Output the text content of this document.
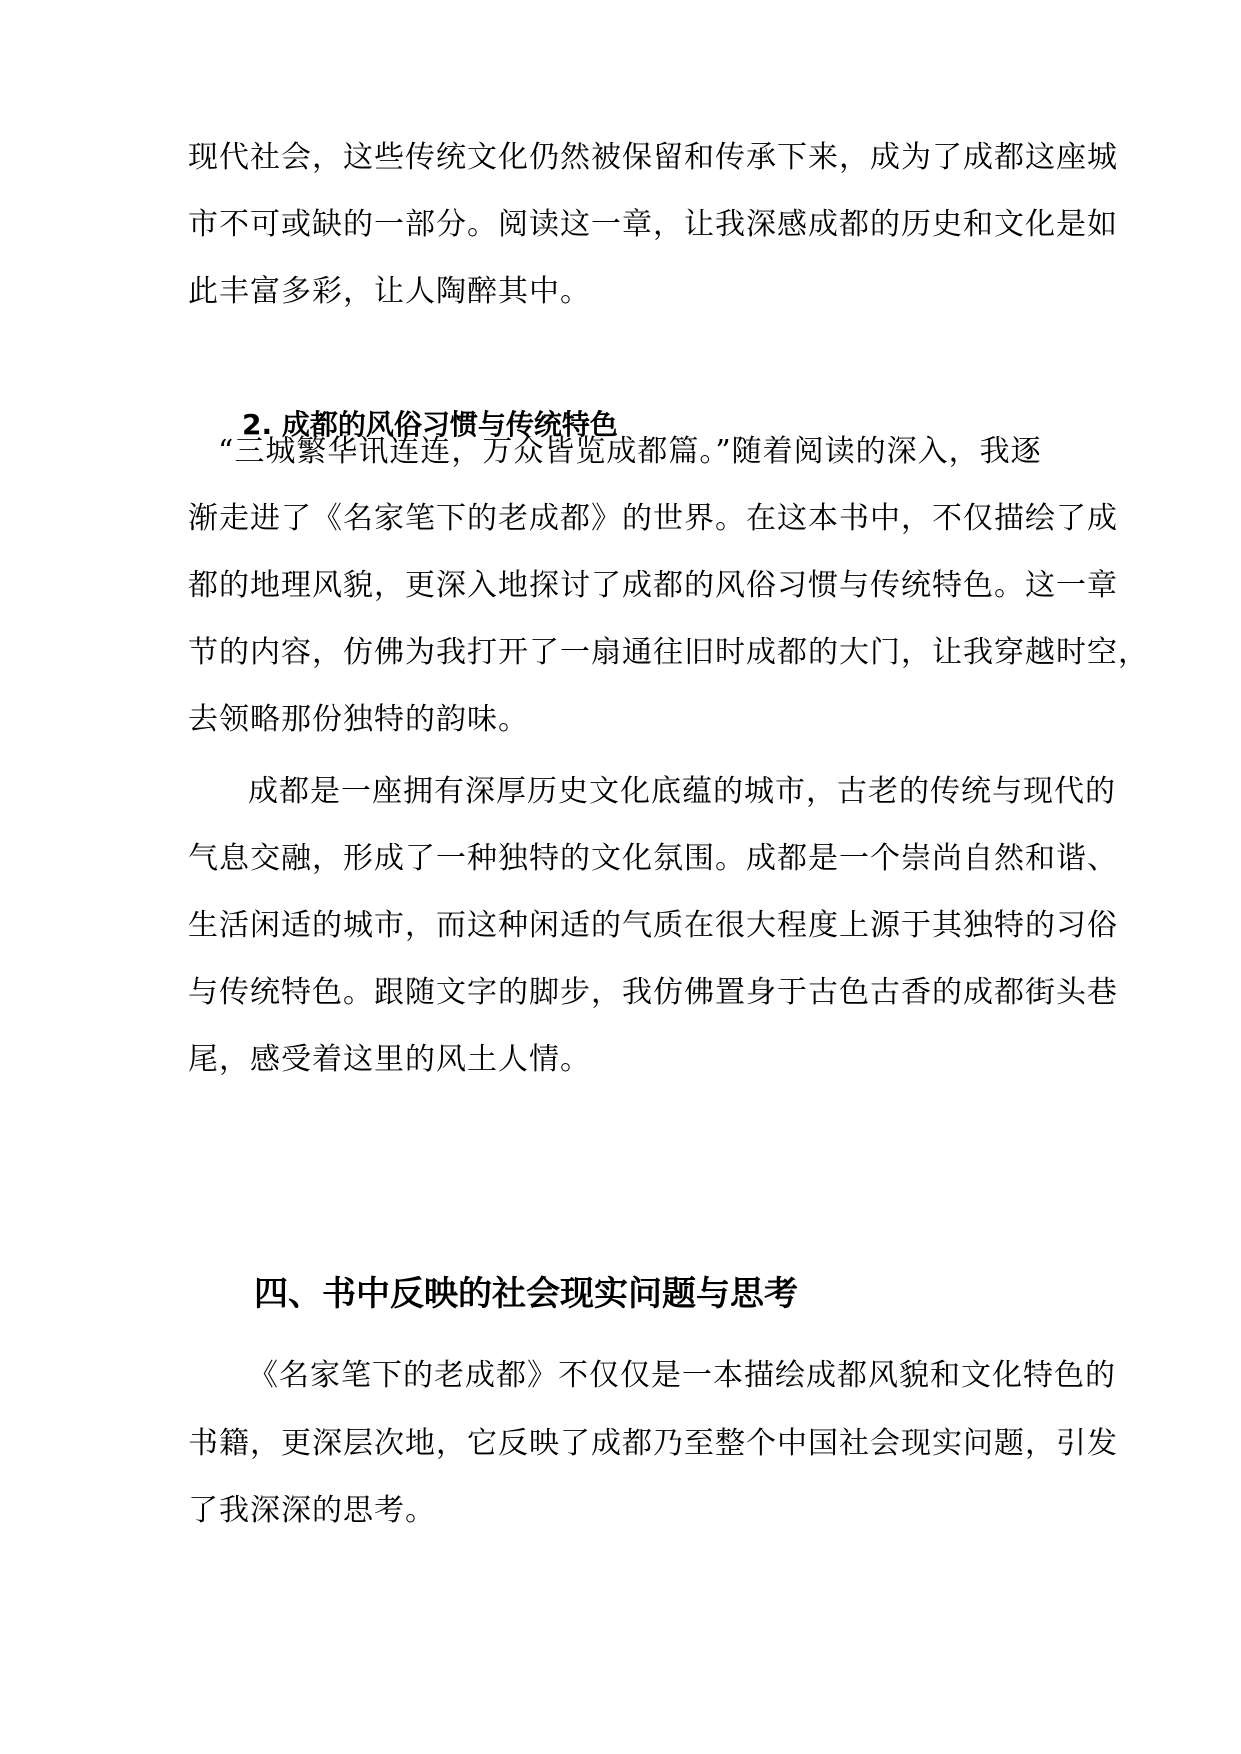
现代社会，这些传统文化仍然被保留和传承下来，成为了成都这座城

市不可或缺的一部分。阅读这一章，让我深感成都的历史和文化是如

此丰富多彩，让人陶醉其中。

2. 成都的风俗习惯与传统特色

“三城繁华讯连连，万众皆览成都篇。”随着阅读的深入，我逐

渐走进了《名家笔下的老成都》的世界。在这本书中，不仅描绘了成

都的地理风貌，更深入地探讨了成都的风俗习惯与传统特色。这一章

节的内容，仿佛为我打开了一扇通往旧时成都的大门，让我穿越时空，

去领略那份独特的韵味。

成都是一座拥有深厚历史文化底蕴的城市，古老的传统与现代的

气息交融，形成了一种独特的文化氛围。成都是一个崇尚自然和谐、

生活闲适的城市，而这种闲适的气质在很大程度上源于其独特的习俗

与传统特色。跟随文字的脚步，我仿佛置身于古色古香的成都街头巷

尾，感受着这里的风土人情。

四、书中反映的社会现实问题与思考

《名家笔下的老成都》不仅仅是一本描绘成都风貌和文化特色的

书籍，更深层次地，它反映了成都乃至整个中国社会现实问题，引发

了我深深的思考。
